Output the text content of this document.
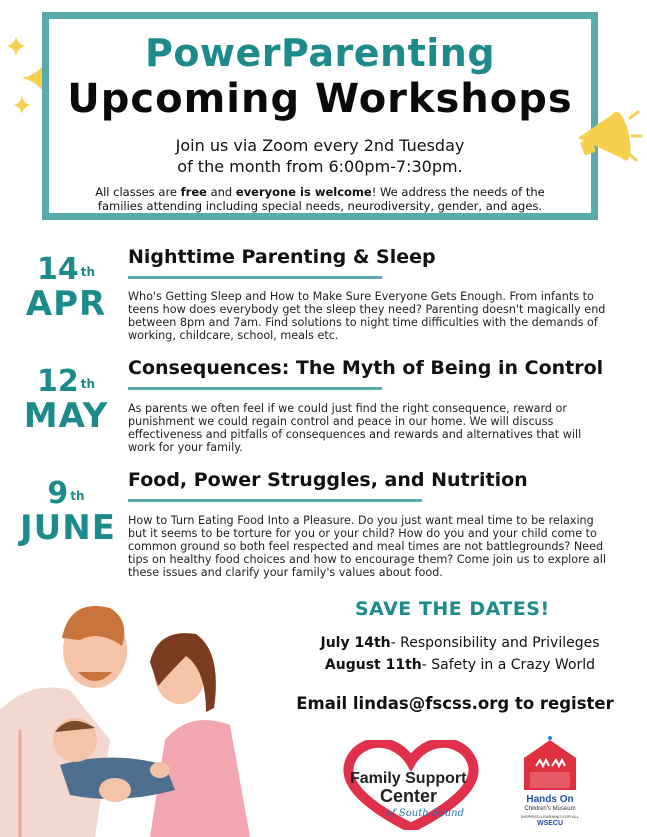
PowerParenting
Upcoming Workshops
Join us via Zoom every 2nd Tuesday
of the month from 6:00pm-7:30pm.
All classes are free and everyone is welcome! We address the needs of the families attending including special needs, neurodiversity, gender, and ages.
14 $^{th}$
APR
Nighttime Parenting & Sleep
Who's Getting Sleep and How to Make Sure Everyone Gets Enough. From infants to teens how does everybody get the sleep they need? Parenting doesn't magically end between 8pm and 7am. Find solutions to night time difficulties with the demands of working, childcare, school, meals etc.
12 $^{th}$
MAY
Consequences: The Myth of Being in Control
As parents we often feel if we could just find the right consequence, reward or punishment we could regain control and peace in our home. We will discuss effectiveness and pitfalls of consequences and rewards and alternatives that will work for your family.
9 $^{th}$
JUNE
Food, Power Struggles, and Nutrition
How to Turn Eating Food Into a Pleasure. Do you just want meal time to be relaxing but it seems to be torture for you or your child? How do you and your child come to common ground so both feel respected and meal times are not battlegrounds? Need tips on healthy food choices and how to encourage them? Come join us to explore all these issues and clarify your family's values about food.
SAVE THE DATES!
July 14th- Responsibility and Privileges
August 11th- Safety in a Crazy World
Email lindas@fscss.org to register
Family Support
Center
of South Sound
Hands On
Children's Museum
INSPIRED LEARNING FOR ALL
WSECU
